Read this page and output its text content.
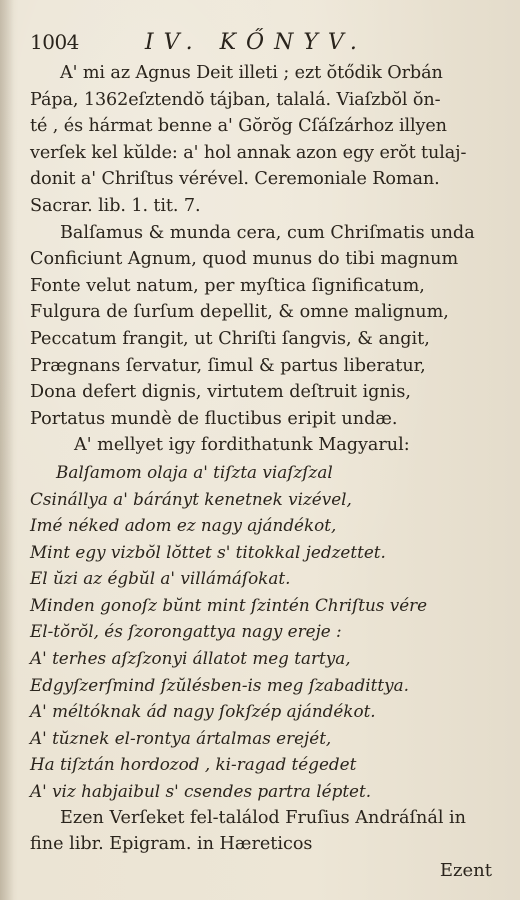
1004	IV. KŐNYV.
A' mi az Agnus Deit illeti ; ezt ŏtődik Orbán
Pápa, 1362eſztendŏ tájban, talalá. Viaſzbŏl ŏn-
té , és hármat benne a' Gŏrŏg Cſáſzárhoz illyen
verſek kel kŭlde: a' hol annak azon egy erŏt tulaj-
donit a' Chriſtus vérével. Ceremoniale Roman.
Sacrar. lib. 1. tit. 7.
Balſamus & munda cera, cum Chriſmatis unda
Conficiunt Agnum, quod munus do tibi magnum
Fonte velut natum, per myſtica ſignificatum,
Fulgura de ſurſum depellit, & omne malignum,
Peccatum frangit, ut Chriſti ſangvis, & angit,
Prægnans ſervatur, ſimul & partus liberatur,
Dona defert dignis, virtutem deſtruit ignis,
Portatus mundè de fluctibus eripit undæ.
A' mellyet igy fordithatunk Magyarul:
Balſamom olaja a' tiſzta viaſzſzal
Csinállya a' bárányt kenetnek vizével,
Imé néked adom ez nagy ajándékot,
Mint egy vizbŏl lŏttet s' titokkal jedzettet.
El ŭzi az égbŭl a' villámáſokat.
Minden gonoſz bŭnt mint ſzintén Chriſtus vére
El-tŏrŏl, és ſzorongattya nagy ereje :
A' terhes aſzſzonyi állatot meg tartya,
Edgyſzerſmind ſzŭlésben-is meg ſzabadittya.
A' méltóknak ád nagy ſokſzép ajándékot.
A' tŭznek el-rontya ártalmas erejét,
Ha tiſztán hordozod , ki-ragad tégedet
A' viz habjaibul s' csendes partra léptet.
Ezen Verſeket fel-találod Fruſius Andráſnál in
fine libr. Epigram. in Hæreticos
Ezent
